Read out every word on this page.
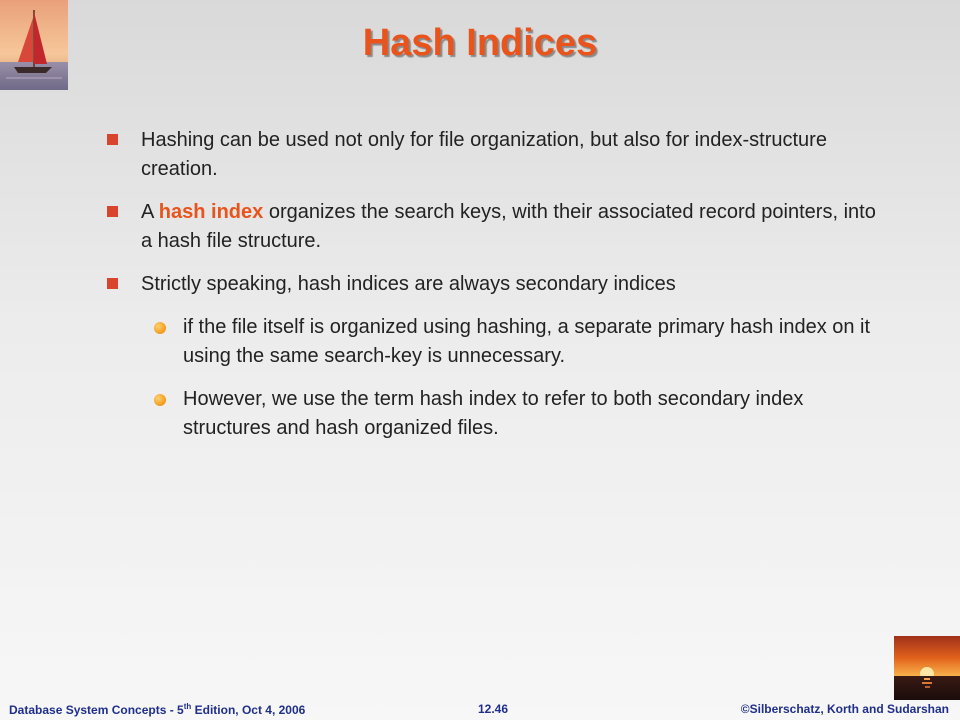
Hash Indices
Hashing can be used not only for file organization, but also for index-structure creation.
A hash index organizes the search keys, with their associated record pointers, into a hash file structure.
Strictly speaking, hash indices are always secondary indices
if the file itself is organized using hashing, a separate primary hash index on it using the same search-key is unnecessary.
However, we use the term hash index to refer to both secondary index structures and hash organized files.
Database System Concepts - 5th Edition, Oct 4, 2006	12.46	©Silberschatz, Korth and Sudarshan
